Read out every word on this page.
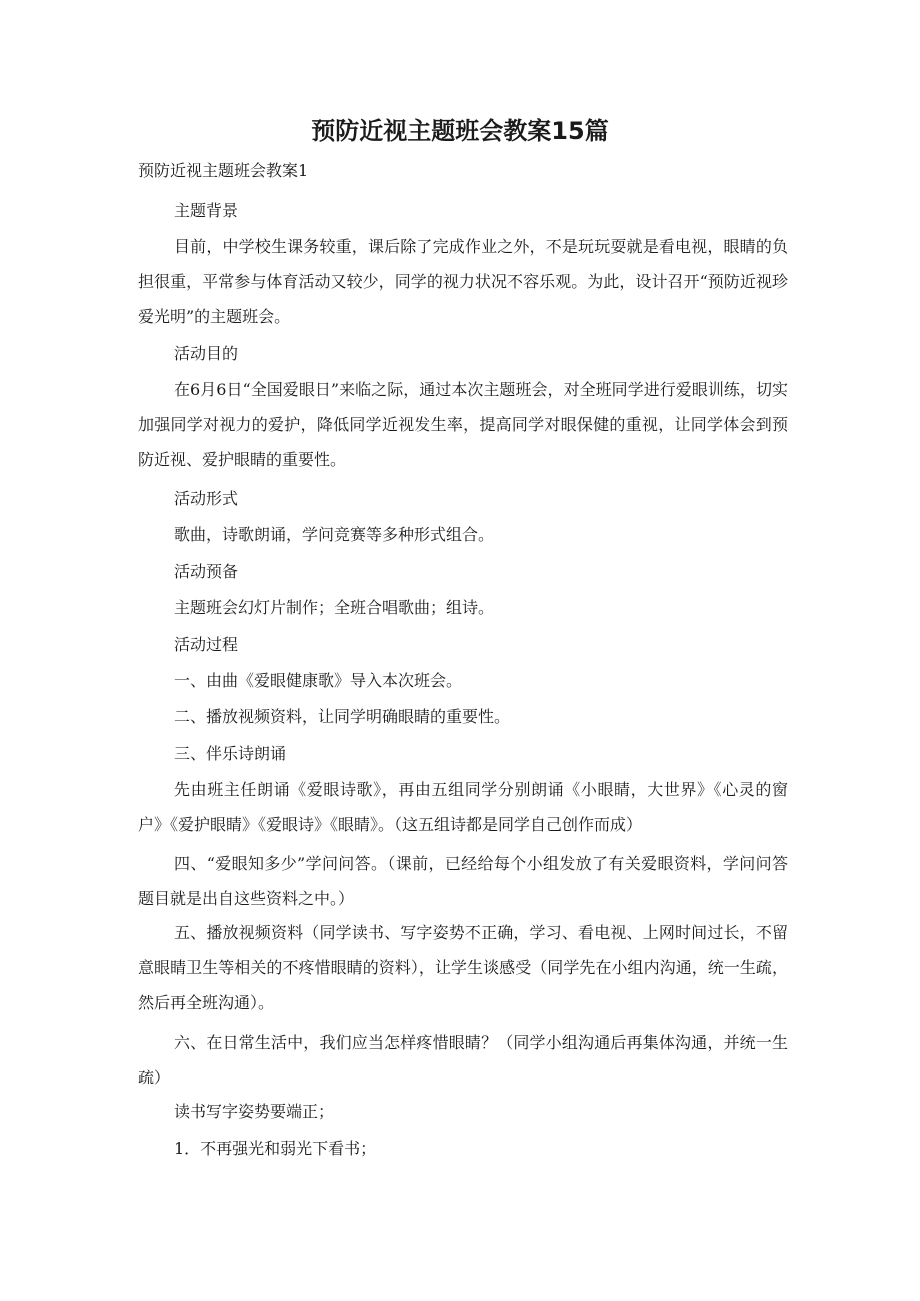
预防近视主题班会教案15篇

预防近视主题班会教案1

主题背景

目前，中学校生课务较重，课后除了完成作业之外，不是玩玩耍就是看电视，眼睛的负担很重，平常参与体育活动又较少，同学的视力状况不容乐观。为此，设计召开“预防近视珍爱光明”的主题班会。

活动目的

在6月6日“全国爱眼日”来临之际，通过本次主题班会，对全班同学进行爱眼训练，切实加强同学对视力的爱护，降低同学近视发生率，提高同学对眼保健的重视，让同学体会到预防近视、爱护眼睛的重要性。

活动形式

歌曲，诗歌朗诵，学问竞赛等多种形式组合。

活动预备

主题班会幻灯片制作；全班合唱歌曲；组诗。

活动过程

一、由曲《爱眼健康歌》导入本次班会。

二、播放视频资料，让同学明确眼睛的重要性。

三、伴乐诗朗诵

先由班主任朗诵《爱眼诗歌》，再由五组同学分别朗诵《小眼睛，大世界》《心灵的窗户》《爱护眼睛》《爱眼诗》《眼睛》。（这五组诗都是同学自己创作而成）

四、“爱眼知多少”学问问答。（课前，已经给每个小组发放了有关爱眼资料，学问问答题目就是出自这些资料之中。）

五、播放视频资料（同学读书、写字姿势不正确，学习、看电视、上网时间过长，不留意眼睛卫生等相关的不疼惜眼睛的资料），让学生谈感受（同学先在小组内沟通，统一生疏，然后再全班沟通）。

六、在日常生活中，我们应当怎样疼惜眼睛？（同学小组沟通后再集体沟通，并统一生疏）

读书写字姿势要端正；

1．不再强光和弱光下看书；
